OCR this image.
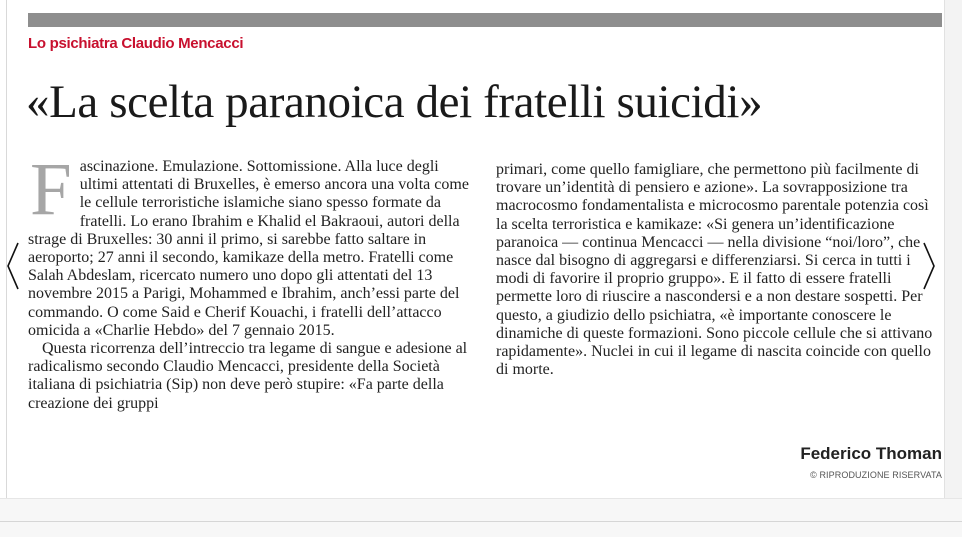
Lo psichiatra Claudio Mencacci
«La scelta paranoica dei fratelli suicidi»

Fascinazione. Emulazione. Sottomissione. Alla luce degli ultimi attentati di Bruxelles, è emerso ancora una volta come le cellule terroristiche islamiche siano spesso formate da fratelli. Lo erano Ibrahim e Khalid el Bakraoui, autori della strage di Bruxelles: 30 anni il primo, si sarebbe fatto saltare in aeroporto; 27 anni il secondo, kamikaze della metro. Fratelli come Salah Abdeslam, ricercato numero uno dopo gli attentati del 13 novembre 2015 a Parigi, Mohammed e Ibrahim, anch’essi parte del commando. O come Said e Cherif Kouachi, i fratelli dell’attacco omicida a «Charlie Hebdo» del 7 gennaio 2015.

Questa ricorrenza dell’intreccio tra legame di sangue e adesione al radicalismo secondo Claudio Mencacci, presidente della Società italiana di psichiatria (Sip) non deve però stupire: «Fa parte della creazione dei gruppi

primari, come quello famigliare, che permettono più facilmente di trovare un’identità di pensiero e azione». La sovrapposizione tra macrocosmo fondamentalista e microcosmo parentale potenzia così la scelta terroristica e kamikaze: «Si genera un’identificazione paranoica — continua Mencacci — nella divisione “noi/loro”, che nasce dal bisogno di aggregarsi e differenziarsi. Si cerca in tutti i modi di favorire il proprio gruppo». E il fatto di essere fratelli permette loro di riuscire a nascondersi e a non destare sospetti. Per questo, a giudizio dello psichiatra, «è importante conoscere le dinamiche di queste formazioni. Sono piccole cellule che si attivano rapidamente». Nuclei in cui il legame di nascita coincide con quello di morte.

Federico Thoman
© RIPRODUZIONE RISERVATA
